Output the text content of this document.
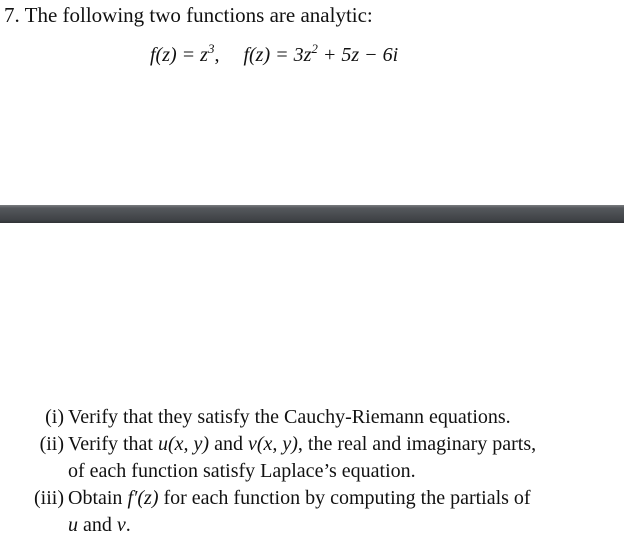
7. The following two functions are analytic:
$f(z) = z^3$, $f(z) = 3z^2 + 5z - 6i$
(i) Verify that they satisfy the Cauchy-Riemann equations.
(ii) Verify that u(x, y) and v(x, y), the real and imaginary parts,
of each function satisfy Laplace’s equation.
(iii) Obtain f′(z) for each function by computing the partials of
u and v.
